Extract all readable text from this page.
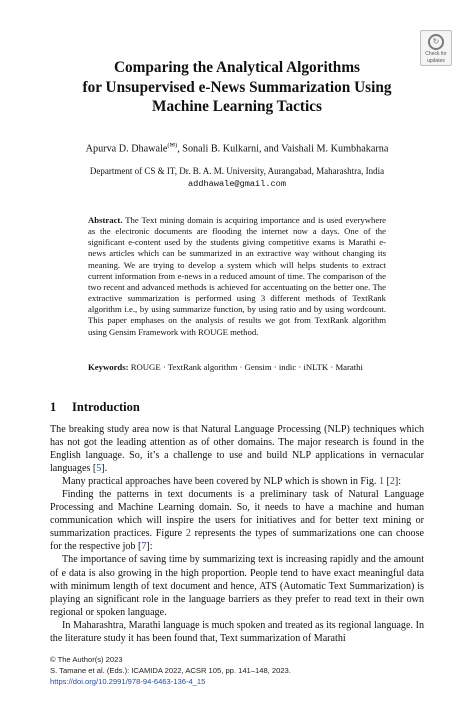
↻
Check for
updates
Comparing the Analytical Algorithms
for Unsupervised e-News Summarization Using
Machine Learning Tactics
Apurva D. Dhawale(✉), Sonali B. Kulkarni, and Vaishali M. Kumbhakarna
Department of CS & IT, Dr. B. A. M. University, Aurangabad, Maharashtra, India
addhawale@gmail.com

Abstract. The Text mining domain is acquiring importance and is used everywhere as the electronic documents are flooding the internet now a days. One of the significant e-content used by the students giving competitive exams is Marathi e-news articles which can be summarized in an extractive way without changing its meaning. We are trying to develop a system which will helps students to extract current information from e-news in a reduced amount of time. The comparison of the two recent and advanced methods is achieved for accentuating on the better one. The extractive summarization is performed using 3 different methods of TextRank algorithm i.e., by using summarize function, by using ratio and by using wordcount. This paper emphases on the analysis of results we got from TextRank algorithm using Gensim Framework with ROUGE method.

Keywords: ROUGE · TextRank algorithm · Gensim · indic · iNLTK · Marathi
1 Introduction

The breaking study area now is that Natural Language Processing (NLP) techniques which has not got the leading attention as of other domains. The major research is found in the English language. So, it’s a challenge to use and build NLP applications in vernacular languages [5].

Many practical approaches have been covered by NLP which is shown in Fig. 1 [2]:

Finding the patterns in text documents is a preliminary task of Natural Language Processing and Machine Learning domain. So, it needs to have a machine and human communication which will inspire the users for initiatives and for better text mining or summarization practices. Figure 2 represents the types of summarizations one can choose for the respective job [7]:

The importance of saving time by summarizing text is increasing rapidly and the amount of e data is also growing in the high proportion. People tend to have exact meaningful data with minimum length of text document and hence, ATS (Automatic Text Summarization) is playing an significant role in the language barriers as they prefer to read text in their own regional or spoken language.

In Maharashtra, Marathi language is much spoken and treated as its regional language. In the literature study it has been found that, Text summarization of Marathi

© The Author(s) 2023
S. Tamane et al. (Eds.): ICAMIDA 2022, ACSR 105, pp. 141–148, 2023.
https://doi.org/10.2991/978-94-6463-136-4_15
